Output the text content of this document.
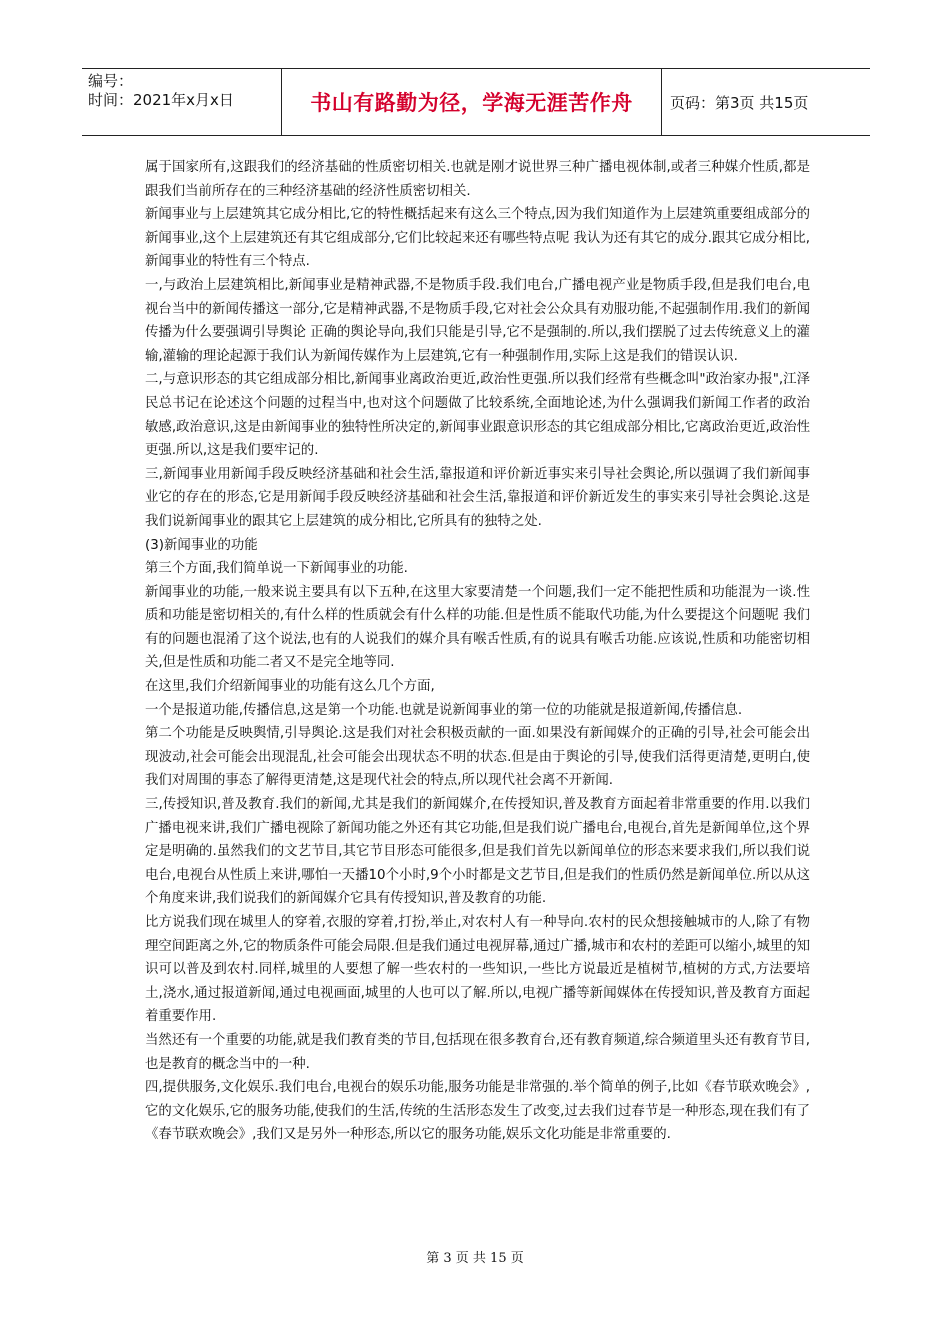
编号：
时间：2021年x月x日	书山有路勤为径，学海无涯苦作舟	页码：第3页 共15页

属于国家所有,这跟我们的经济基础的性质密切相关.也就是刚才说世界三种广播电视体制,或者三种媒介性质,都是跟我们当前所存在的三种经济基础的经济性质密切相关.

新闻事业与上层建筑其它成分相比,它的特性概括起来有这么三个特点,因为我们知道作为上层建筑重要组成部分的新闻事业,这个上层建筑还有其它组成部分,它们比较起来还有哪些特点呢 我认为还有其它的成分.跟其它成分相比,新闻事业的特性有三个特点.

一,与政治上层建筑相比,新闻事业是精神武器,不是物质手段.我们电台,广播电视产业是物质手段,但是我们电台,电视台当中的新闻传播这一部分,它是精神武器,不是物质手段,它对社会公众具有劝服功能,不起强制作用.我们的新闻传播为什么要强调引导舆论 正确的舆论导向,我们只能是引导,它不是强制的.所以,我们摆脱了过去传统意义上的灌输,灌输的理论起源于我们认为新闻传媒作为上层建筑,它有一种强制作用,实际上这是我们的错误认识.

二,与意识形态的其它组成部分相比,新闻事业离政治更近,政治性更强.所以我们经常有些概念叫"政治家办报",江泽民总书记在论述这个问题的过程当中,也对这个问题做了比较系统,全面地论述,为什么强调我们新闻工作者的政治敏感,政治意识,这是由新闻事业的独特性所决定的,新闻事业跟意识形态的其它组成部分相比,它离政治更近,政治性更强.所以,这是我们要牢记的.

三,新闻事业用新闻手段反映经济基础和社会生活,靠报道和评价新近事实来引导社会舆论,所以强调了我们新闻事业它的存在的形态,它是用新闻手段反映经济基础和社会生活,靠报道和评价新近发生的事实来引导社会舆论.这是我们说新闻事业的跟其它上层建筑的成分相比,它所具有的独特之处.

(3)新闻事业的功能

第三个方面,我们简单说一下新闻事业的功能.

新闻事业的功能,一般来说主要具有以下五种,在这里大家要清楚一个问题,我们一定不能把性质和功能混为一谈.性质和功能是密切相关的,有什么样的性质就会有什么样的功能.但是性质不能取代功能,为什么要提这个问题呢 我们有的问题也混淆了这个说法,也有的人说我们的媒介具有喉舌性质,有的说具有喉舌功能.应该说,性质和功能密切相关,但是性质和功能二者又不是完全地等同.

在这里,我们介绍新闻事业的功能有这么几个方面,

一个是报道功能,传播信息,这是第一个功能.也就是说新闻事业的第一位的功能就是报道新闻,传播信息.

第二个功能是反映舆情,引导舆论.这是我们对社会积极贡献的一面.如果没有新闻媒介的正确的引导,社会可能会出现波动,社会可能会出现混乱,社会可能会出现状态不明的状态.但是由于舆论的引导,使我们活得更清楚,更明白,使我们对周围的事态了解得更清楚,这是现代社会的特点,所以现代社会离不开新闻.

三,传授知识,普及教育.我们的新闻,尤其是我们的新闻媒介,在传授知识,普及教育方面起着非常重要的作用.以我们广播电视来讲,我们广播电视除了新闻功能之外还有其它功能,但是我们说广播电台,电视台,首先是新闻单位,这个界定是明确的.虽然我们的文艺节目,其它节目形态可能很多,但是我们首先以新闻单位的形态来要求我们,所以我们说电台,电视台从性质上来讲,哪怕一天播10个小时,9个小时都是文艺节目,但是我们的性质仍然是新闻单位.所以从这个角度来讲,我们说我们的新闻媒介它具有传授知识,普及教育的功能.

比方说我们现在城里人的穿着,衣服的穿着,打扮,举止,对农村人有一种导向.农村的民众想接触城市的人,除了有物理空间距离之外,它的物质条件可能会局限.但是我们通过电视屏幕,通过广播,城市和农村的差距可以缩小,城里的知识可以普及到农村.同样,城里的人要想了解一些农村的一些知识,一些比方说最近是植树节,植树的方式,方法要培土,浇水,通过报道新闻,通过电视画面,城里的人也可以了解.所以,电视广播等新闻媒体在传授知识,普及教育方面起着重要作用.

当然还有一个重要的功能,就是我们教育类的节目,包括现在很多教育台,还有教育频道,综合频道里头还有教育节目,也是教育的概念当中的一种.

四,提供服务,文化娱乐.我们电台,电视台的娱乐功能,服务功能是非常强的.举个简单的例子,比如《春节联欢晚会》,它的文化娱乐,它的服务功能,使我们的生活,传统的生活形态发生了改变,过去我们过春节是一种形态,现在我们有了《春节联欢晚会》,我们又是另外一种形态,所以它的服务功能,娱乐文化功能是非常重要的.

第 3 页 共 15 页
